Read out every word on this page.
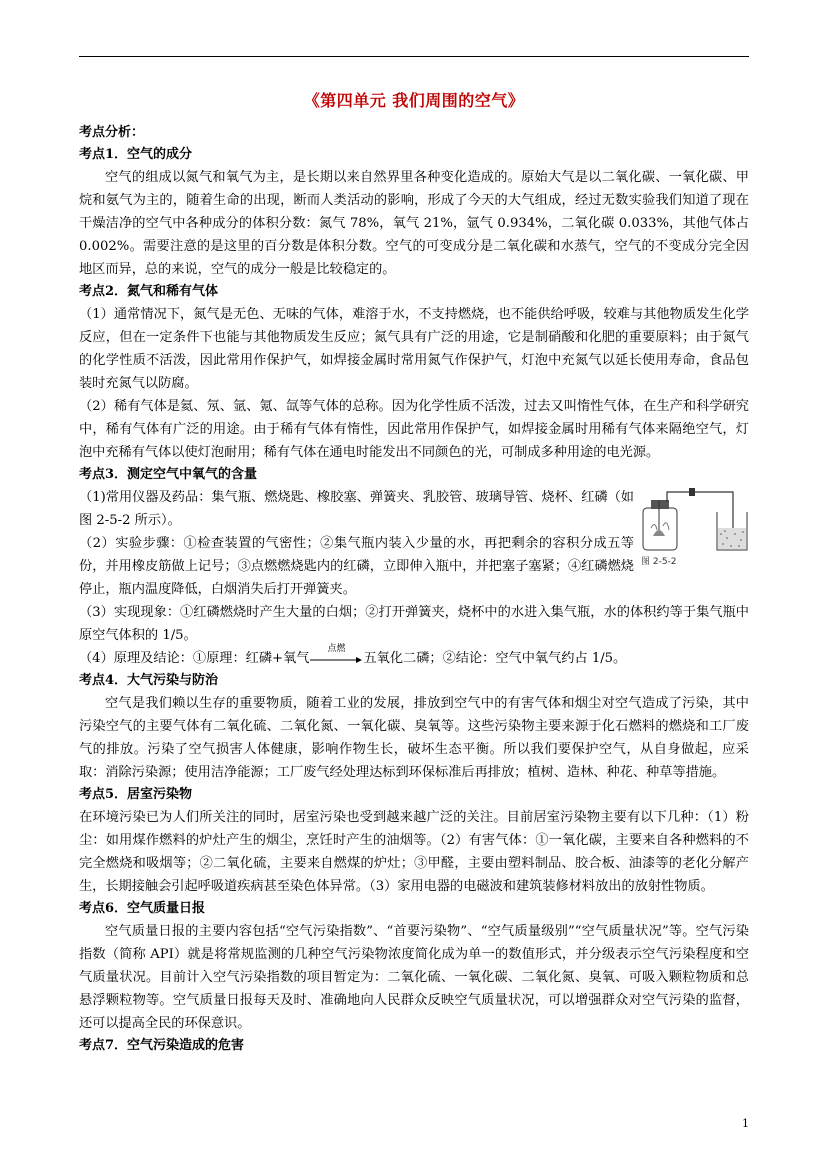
《第四单元 我们周围的空气》
考点分析：
考点1．空气的成分
空气的组成以氮气和氧气为主，是长期以来自然界里各种变化造成的。原始大气是以二氧化碳、一氧化碳、甲烷和氨气为主的，随着生命的出现，断而人类活动的影响，形成了今天的大气组成，经过无数实验我们知道了现在干燥洁净的空气中各种成分的体积分数：氮气 78%，氧气 21%，氩气 0.934%，二氧化碳 0.033%，其他气体占 0.002%。需要注意的是这里的百分数是体积分数。空气的可变成分是二氧化碳和水蒸气，空气的不变成分完全因地区而异，总的来说，空气的成分一般是比较稳定的。
考点2．氮气和稀有气体
（1）通常情况下，氮气是无色、无味的气体，难溶于水，不支持燃烧，也不能供给呼吸，较难与其他物质发生化学反应，但在一定条件下也能与其他物质发生反应；氮气具有广泛的用途，它是制硝酸和化肥的重要原料；由于氮气的化学性质不活泼，因此常用作保护气，如焊接金属时常用氮气作保护气，灯泡中充氮气以延长使用寿命，食品包装时充氮气以防腐。
（2）稀有气体是氦、氖、氩、氪、氙等气体的总称。因为化学性质不活泼，过去又叫惰性气体，在生产和科学研究中，稀有气体有广泛的用途。由于稀有气体有惰性，因此常用作保护气，如焊接金属时用稀有气体来隔绝空气，灯泡中充稀有气体以使灯泡耐用；稀有气体在通电时能发出不同颜色的光，可制成多种用途的电光源。
考点3．测定空气中氧气的含量
（1)常用仪器及药品：集气瓶、燃烧匙、橡胶塞、弹簧夹、乳胶管、玻璃导管、烧杯、红磷（如图 2-5-2 所示）。
（2）实验步骤：①检查装置的气密性；②集气瓶内装入少量的水，再把剩余的容积分成五等份，并用橡皮筋做上记号；③点燃燃烧匙内的红磷，立即伸入瓶中，并把塞子塞紧；④红磷燃烧停止，瓶内温度降低，白烟消失后打开弹簧夹。
（3）实现现象：①红磷燃烧时产生大量的白烟；②打开弹簧夹，烧杯中的水进入集气瓶，水的体积约等于集气瓶中原空气体积的 1/5。
（4）原理及结论：①原理：红磷+氧气
点燃
五氧化二磷；②结论：空气中氧气约占 1/5。
图 2-5-2
考点4．大气污染与防治
空气是我们赖以生存的重要物质，随着工业的发展，排放到空气中的有害气体和烟尘对空气造成了污染，其中污染空气的主要气体有二氧化硫、二氧化氮、一氧化碳、臭氧等。这些污染物主要来源于化石燃料的燃烧和工厂废气的排放。污染了空气损害人体健康，影响作物生长，破坏生态平衡。所以我们要保护空气，从自身做起，应采取：消除污染源；使用洁净能源；工厂废气经处理达标到环保标准后再排放；植树、造林、种花、种草等措施。
考点5．居室污染物
在环境污染已为人们所关注的同时，居室污染也受到越来越广泛的关注。目前居室污染物主要有以下几种：（1）粉尘：如用煤作燃料的炉灶产生的烟尘，烹饪时产生的油烟等。（2）有害气体：①一氧化碳，主要来自各种燃料的不完全燃烧和吸烟等；②二氧化硫，主要来自燃煤的炉灶；③甲醛，主要由塑料制品、胶合板、油漆等的老化分解产生，长期接触会引起呼吸道疾病甚至染色体异常。（3）家用电器的电磁波和建筑装修材料放出的放射性物质。
考点6．空气质量日报
空气质量日报的主要内容包括“空气污染指数”、“首要污染物”、“空气质量级别”“空气质量状况”等。空气污染指数（简称 API）就是将常规监测的几种空气污染物浓度简化成为单一的数值形式，并分级表示空气污染程度和空气质量状况。目前计入空气污染指数的项目暂定为：二氧化硫、一氧化碳、二氧化氮、臭氧、可吸入颗粒物质和总悬浮颗粒物等。空气质量日报每天及时、准确地向人民群众反映空气质量状况，可以增强群众对空气污染的监督，还可以提高全民的环保意识。
考点7．空气污染造成的危害
1
